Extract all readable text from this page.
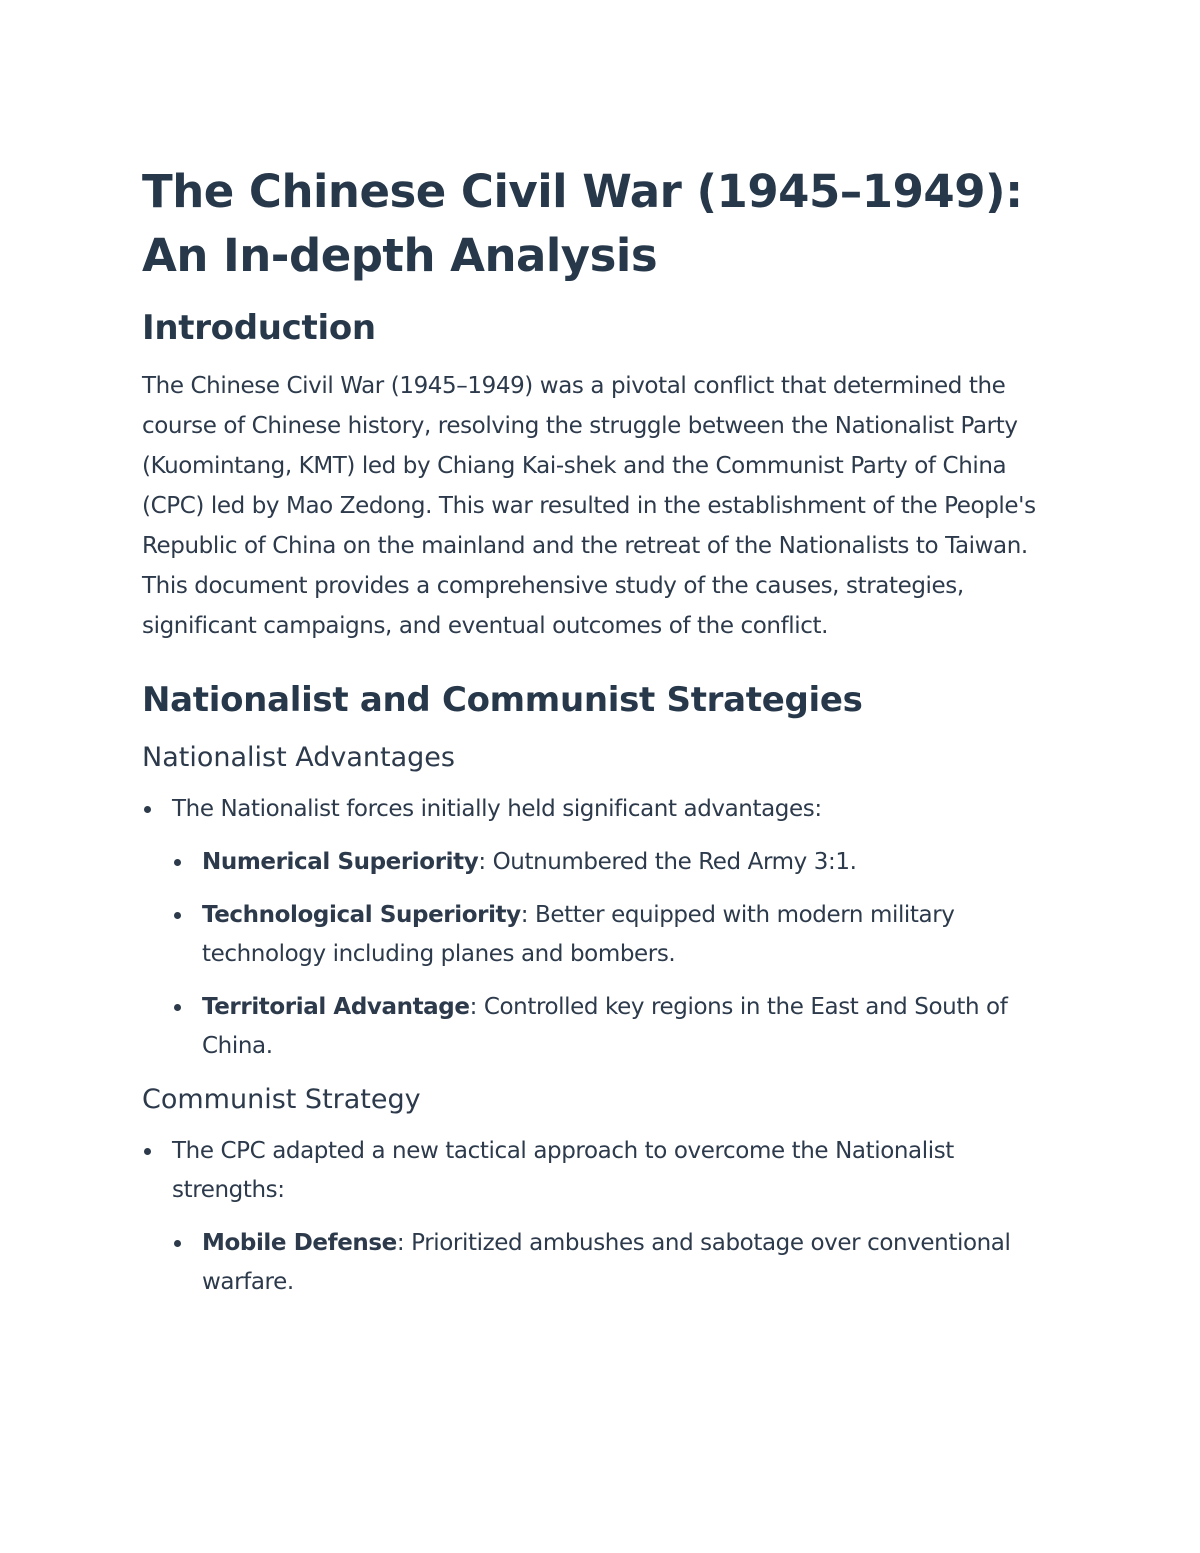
The Chinese Civil War (1945–1949): An In-depth Analysis
Introduction

The Chinese Civil War (1945–1949) was a pivotal conflict that determined the course of Chinese history, resolving the struggle between the Nationalist Party (Kuomintang, KMT) led by Chiang Kai-shek and the Communist Party of China (CPC) led by Mao Zedong. This war resulted in the establishment of the People's Republic of China on the mainland and the retreat of the Nationalists to Taiwan. This document provides a comprehensive study of the causes, strategies, significant campaigns, and eventual outcomes of the conflict.

Nationalist and Communist Strategies
Nationalist Advantages
The Nationalist forces initially held significant advantages:
Numerical Superiority: Outnumbered the Red Army 3:1.
Technological Superiority: Better equipped with modern military technology including planes and bombers.
Territorial Advantage: Controlled key regions in the East and South of China.
Communist Strategy
The CPC adapted a new tactical approach to overcome the Nationalist strengths:
Mobile Defense: Prioritized ambushes and sabotage over conventional warfare.
